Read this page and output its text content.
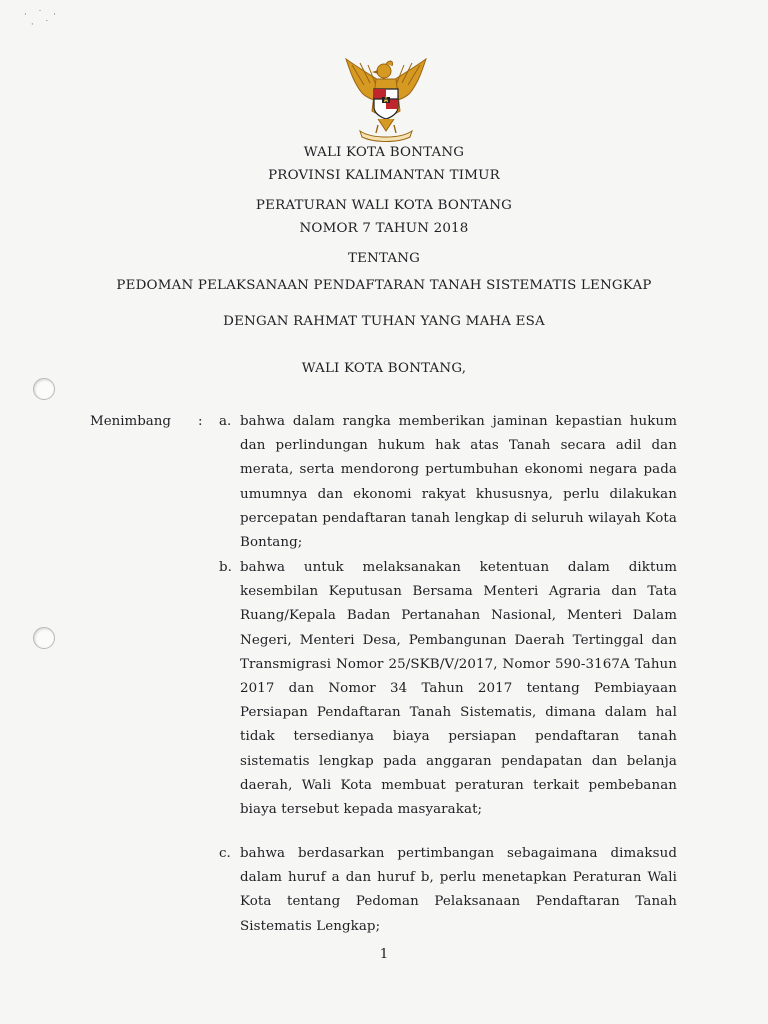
· ˙ ·
· ˙
WALI KOTA BONTANG
PROVINSI KALIMANTAN TIMUR
PERATURAN WALI KOTA BONTANG
NOMOR 7 TAHUN 2018
TENTANG
PEDOMAN PELAKSANAAN PENDAFTARAN TANAH SISTEMATIS LENGKAP
DENGAN RAHMAT TUHAN YANG MAHA ESA
WALI KOTA BONTANG,
Menimbang : a. bahwa dalam rangka memberikan jaminan kepastian hukum dan perlindungan hukum hak atas Tanah secara adil dan merata, serta mendorong pertumbuhan ekonomi negara pada umumnya dan ekonomi rakyat khususnya, perlu dilakukan percepatan pendaftaran tanah lengkap di seluruh wilayah Kota Bontang;
b. bahwa untuk melaksanakan ketentuan dalam diktum kesembilan Keputusan Bersama Menteri Agraria dan Tata Ruang/Kepala Badan Pertanahan Nasional, Menteri Dalam Negeri, Menteri Desa, Pembangunan Daerah Tertinggal dan Transmigrasi Nomor 25/SKB/V/2017, Nomor 590-3167A Tahun 2017 dan Nomor 34 Tahun 2017 tentang Pembiayaan Persiapan Pendaftaran Tanah Sistematis, dimana dalam hal tidak tersedianya biaya persiapan pendaftaran tanah sistematis lengkap pada anggaran pendapatan dan belanja daerah, Wali Kota membuat peraturan terkait pembebanan biaya tersebut kepada masyarakat;
c. bahwa berdasarkan pertimbangan sebagaimana dimaksud dalam huruf a dan huruf b, perlu menetapkan Peraturan Wali Kota tentang Pedoman Pelaksanaan Pendaftaran Tanah Sistematis Lengkap;
1
